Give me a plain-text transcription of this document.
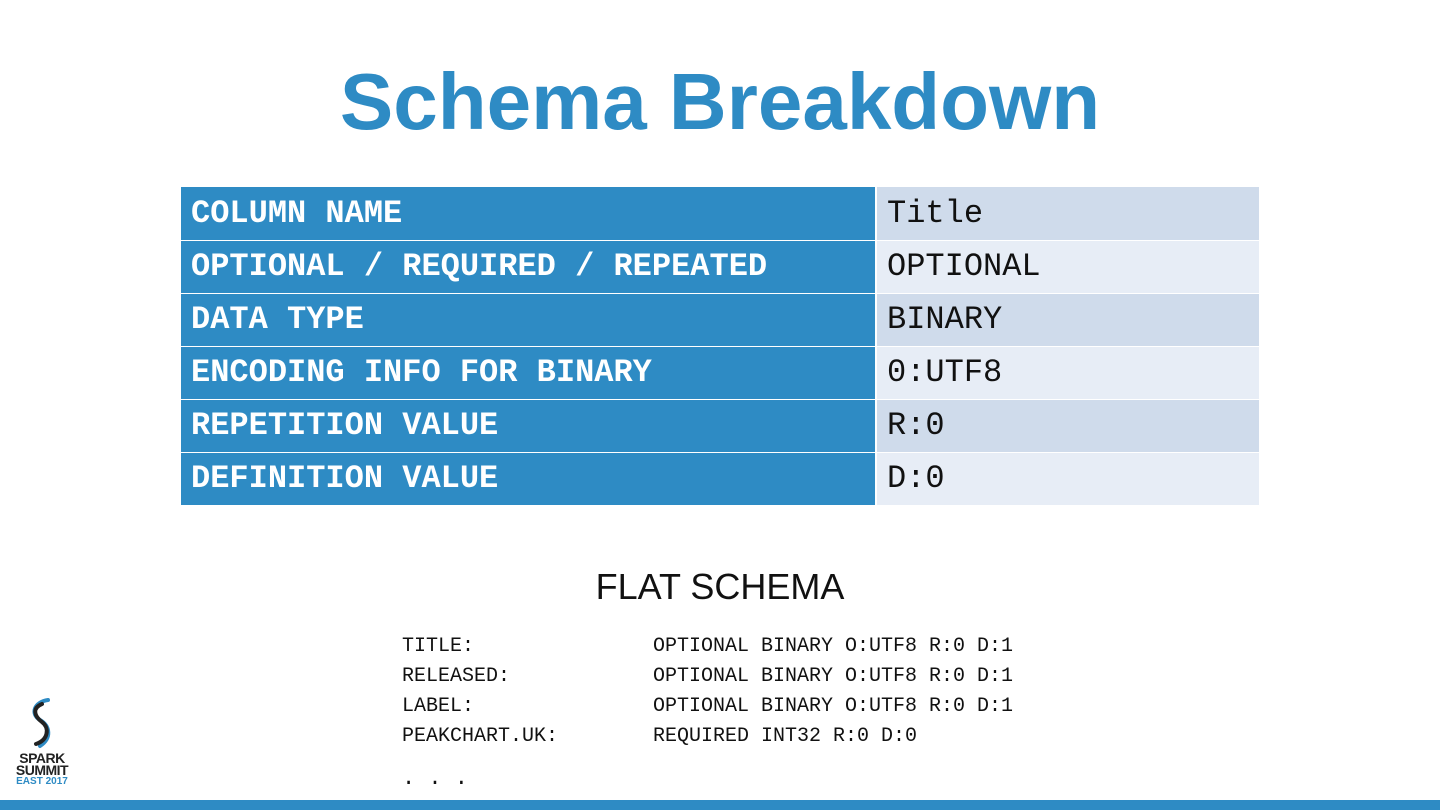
Schema Breakdown
COLUMN NAME	Title
OPTIONAL / REQUIRED / REPEATED	OPTIONAL
DATA TYPE	BINARY
ENCODING INFO FOR BINARY	0:UTF8
REPETITION VALUE	R:0
DEFINITION VALUE	D:0
FLAT SCHEMA
TITLE:	OPTIONAL BINARY O:UTF8 R:0 D:1
RELEASED:	OPTIONAL BINARY O:UTF8 R:0 D:1
LABEL:	OPTIONAL BINARY O:UTF8 R:0 D:1
PEAKCHART.UK:	REQUIRED INT32 R:0 D:0
. . .
SPARK
SUMMIT
EAST 2017
